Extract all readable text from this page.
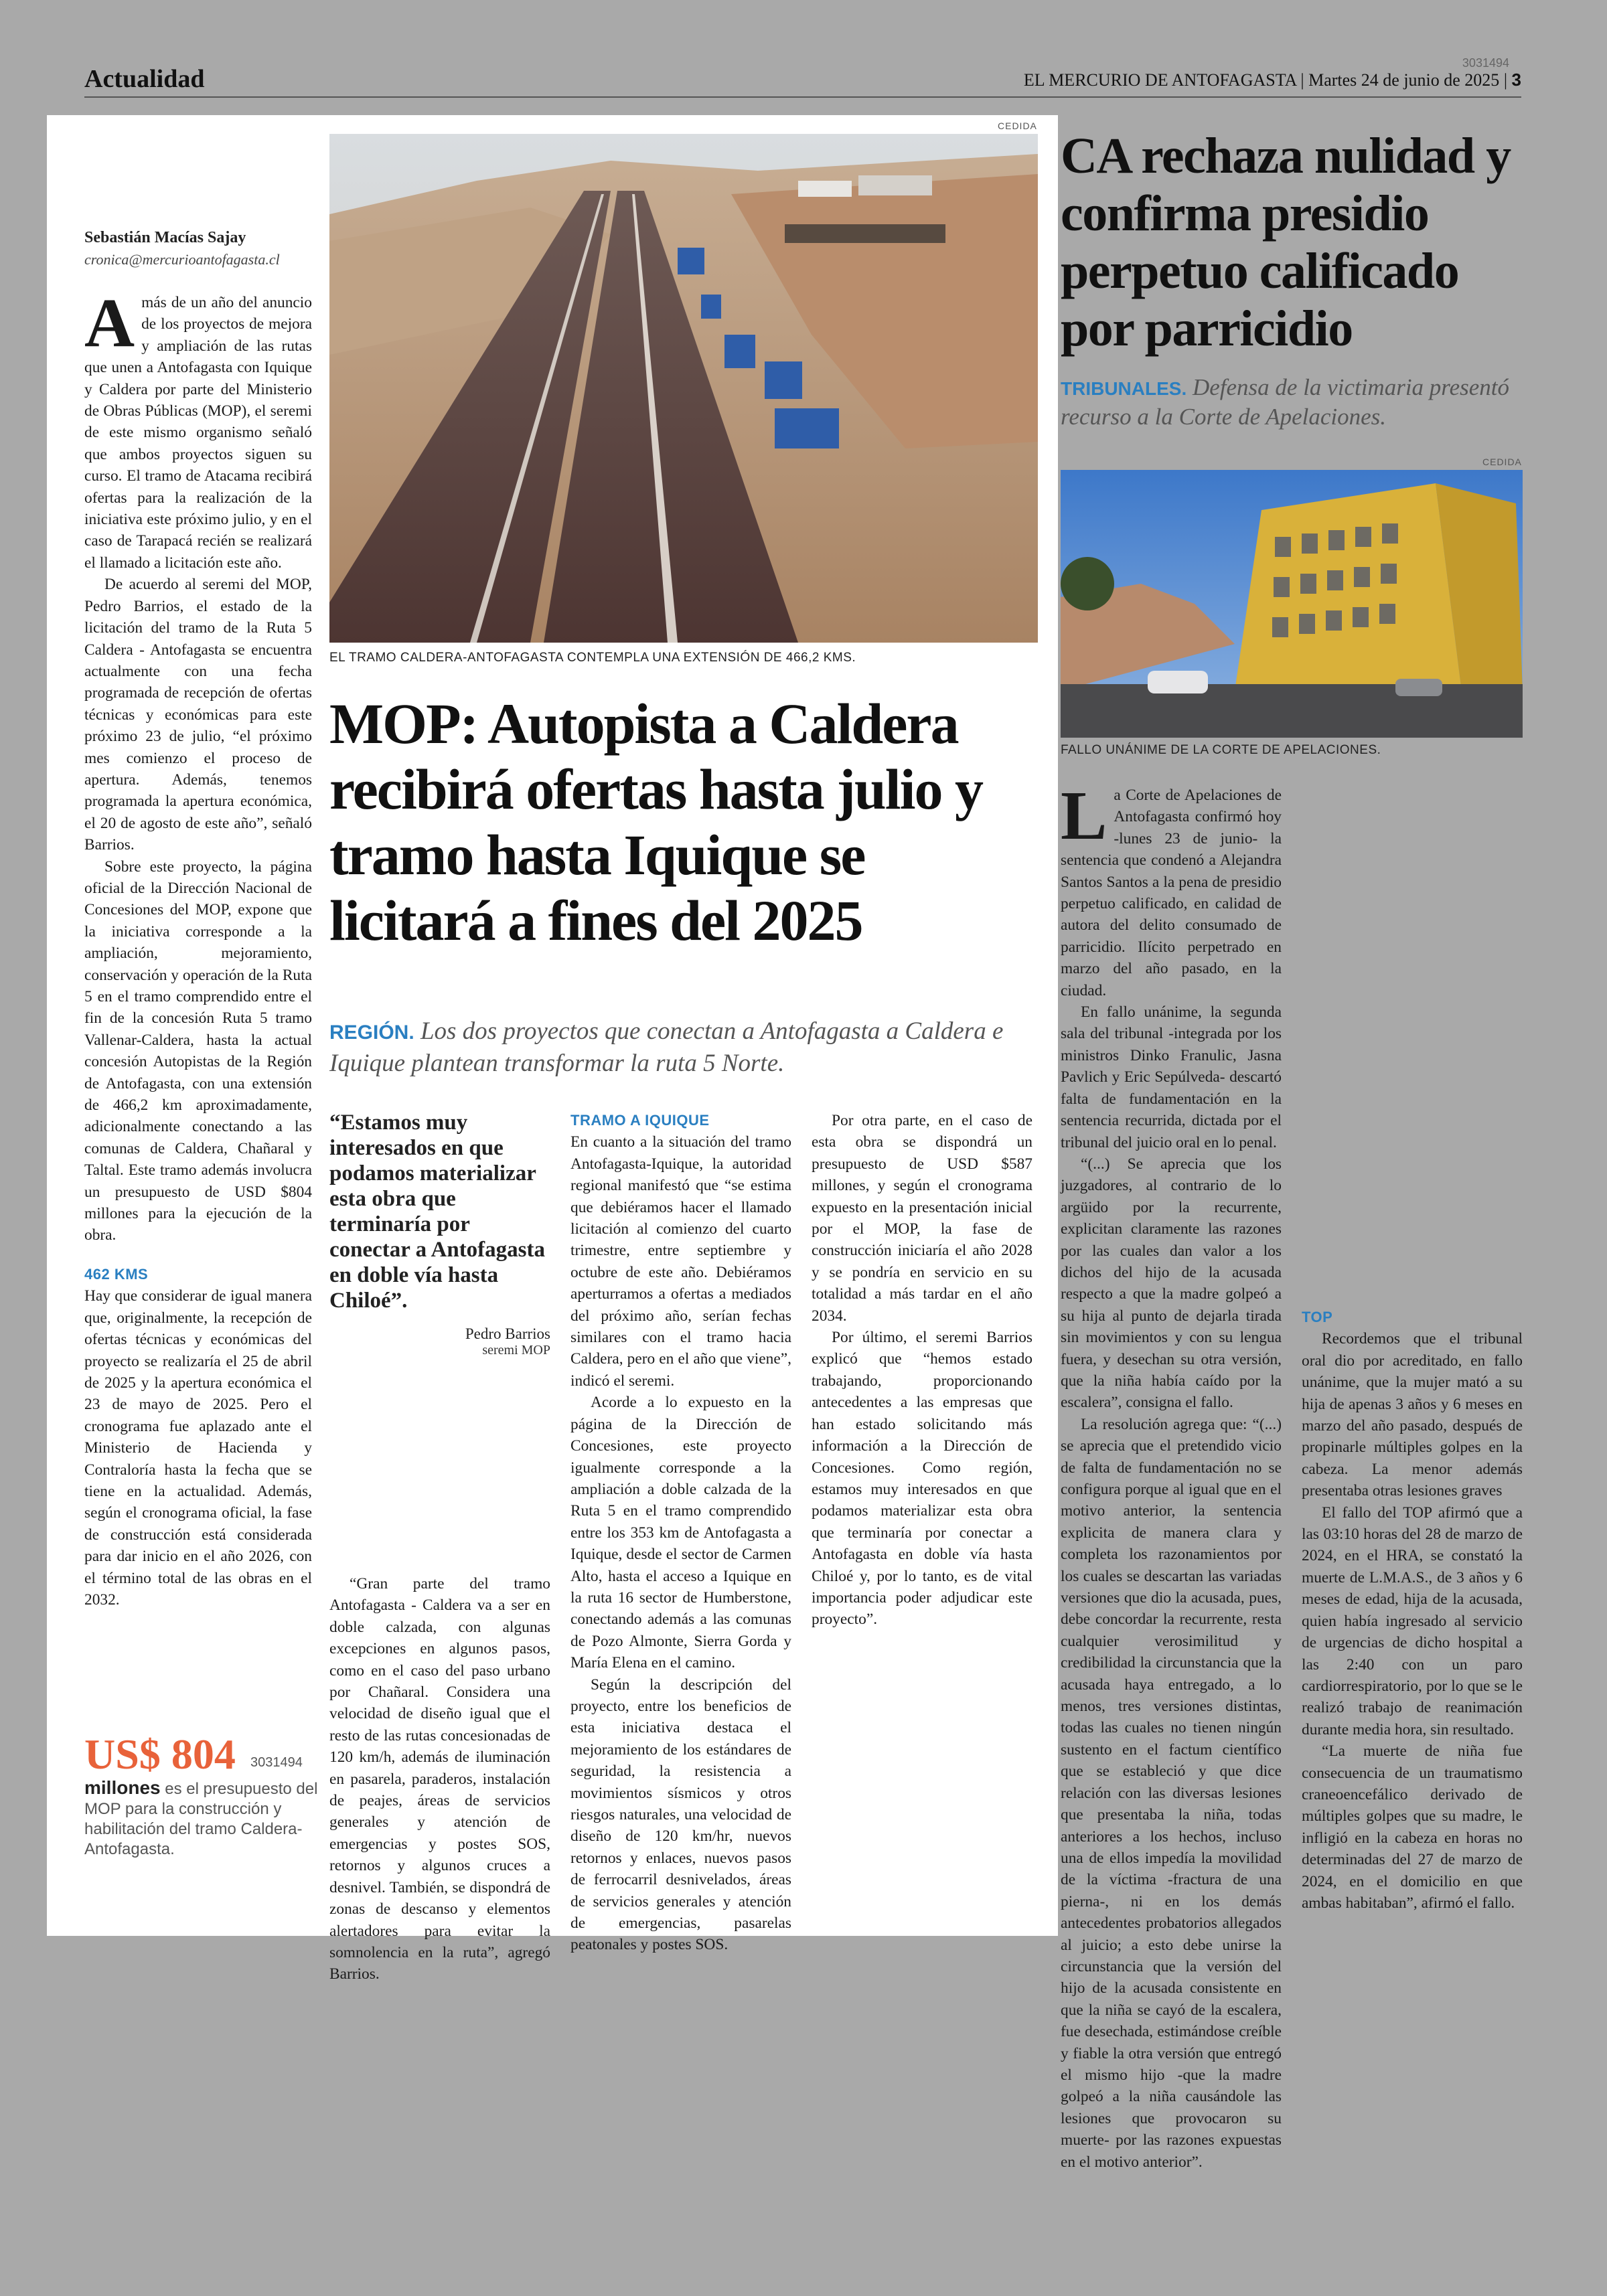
Actualidad
3031494
EL MERCURIO DE ANTOFAGASTA | Martes 24 de junio de 2025 | 3
CEDIDA
EL TRAMO CALDERA-ANTOFAGASTA CONTEMPLA UNA EXTENSIÓN DE 466,2 KMS.
Sebastián Macías Sajay
cronica@mercurioantofagasta.cl

Amás de un año del anuncio de los proyectos de mejora y ampliación de las rutas que unen a Antofagasta con Iquique y Caldera por parte del Ministerio de Obras Públicas (MOP), el seremi de este mismo organismo señaló que ambos proyectos siguen su curso. El tramo de Atacama recibirá ofertas para la realización de la iniciativa este próximo julio, y en el caso de Tarapacá recién se realizará el llamado a licitación este año.

De acuerdo al seremi del MOP, Pedro Barrios, el estado de la licitación del tramo de la Ruta 5 Caldera - Antofagasta se encuentra actualmente con una fecha programada de recepción de ofertas técnicas y económicas para este próximo 23 de julio, “el próximo mes comienzo el proceso de apertura. Además, tenemos programada la apertura económica, el 20 de agosto de este año”, señaló Barrios.

Sobre este proyecto, la página oficial de la Dirección Nacional de Concesiones del MOP, expone que la iniciativa corresponde a la ampliación, mejoramiento, conservación y operación de la Ruta 5 en el tramo comprendido entre el fin de la concesión Ruta 5 tramo Vallenar-Caldera, hasta la actual concesión Autopistas de la Región de Antofagasta, con una extensión de 466,2 km aproximadamente, adicionalmente conectando a las comunas de Caldera, Chañaral y Taltal. Este tramo además involucra un presupuesto de USD $804 millones para la ejecución de la obra.

462 KMS

Hay que considerar de igual manera que, originalmente, la recepción de ofertas técnicas y económicas del proyecto se realizaría el 25 de abril de 2025 y la apertura económica el 23 de mayo de 2025. Pero el cronograma fue aplazado ante el Ministerio de Hacienda y Contraloría hasta la fecha que se tiene en la actualidad. Además, según el cronograma oficial, la fase de construcción está considerada para dar inicio en el año 2026, con el término total de las obras en el 2032.

MOP: Autopista a Caldera recibirá ofertas hasta julio y tramo hasta Iquique se licitará a fines del 2025
REGIÓN. Los dos proyectos que conectan a Antofagasta a Caldera e Iquique plantean transformar la ruta 5 Norte.
“Estamos muy interesados en que podamos materializar esta obra que terminaría por conectar a Antofagasta en doble vía hasta Chiloé”.
Pedro Barrios
seremi MOP

“Gran parte del tramo Antofagasta - Caldera va a ser en doble calzada, con algunas excepciones en algunos pasos, como en el caso del paso urbano por Chañaral. Considera una velocidad de diseño igual que el resto de las rutas concesionadas de 120 km/h, además de iluminación en pasarela, paraderos, instalación de peajes, áreas de servicios generales y atención de emergencias y postes SOS, retornos y algunos cruces a desnivel. También, se dispondrá de zonas de descanso y elementos alertadores para evitar la somnolencia en la ruta”, agregó Barrios.

TRAMO A IQUIQUE

En cuanto a la situación del tramo Antofagasta-Iquique, la autoridad regional manifestó que “se estima que debiéramos hacer el llamado licitación al comienzo del cuarto trimestre, entre septiembre y octubre de este año. Debiéramos aperturramos a ofertas a mediados del próximo año, serían fechas similares con el tramo hacia Caldera, pero en el año que viene”, indicó el seremi.

Acorde a lo expuesto en la página de la Dirección de Concesiones, este proyecto igualmente corresponde a la ampliación a doble calzada de la Ruta 5 en el tramo comprendido entre los 353 km de Antofagasta a Iquique, desde el sector de Carmen Alto, hasta el acceso a Iquique en la ruta 16 sector de Humberstone, conectando además a las comunas de Pozo Almonte, Sierra Gorda y María Elena en el camino.

Según la descripción del proyecto, entre los beneficios de esta iniciativa destaca el mejoramiento de los estándares de seguridad, la resistencia a movimientos sísmicos y otros riesgos naturales, una velocidad de diseño de 120 km/hr, nuevos retornos y enlaces, nuevos pasos de ferrocarril desnivelados, áreas de servicios generales y atención de emergencias, pasarelas peatonales y postes SOS.

Por otra parte, en el caso de esta obra se dispondrá un presupuesto de USD $587 millones, y según el cronograma expuesto en la presentación inicial por el MOP, la fase de construcción iniciaría el año 2028 y se pondría en servicio en su totalidad a más tardar en el año 2034.

Por último, el seremi Barrios explicó que “hemos estado trabajando, proporcionando antecedentes a las empresas que han estado solicitando más información a la Dirección de Concesiones. Como región, estamos muy interesados en que podamos materializar esta obra que terminaría por conectar a Antofagasta en doble vía hasta Chiloé y, por lo tanto, es de vital importancia poder adjudicar este proyecto”.

US$ 804	3031494
millones es el presupuesto del MOP para la construcción y habilitación del tramo Caldera-Antofagasta.
CA rechaza nulidad y confirma presidio perpetuo calificado por parricidio
TRIBUNALES. Defensa de la victimaria presentó recurso a la Corte de Apelaciones.
CEDIDA
FALLO UNÁNIME DE LA CORTE DE APELACIONES.

La Corte de Apelaciones de Antofagasta confirmó hoy -lunes 23 de junio- la sentencia que condenó a Alejandra Santos Santos a la pena de presidio perpetuo calificado, en calidad de autora del delito consumado de parricidio. Ilícito perpetrado en marzo del año pasado, en la ciudad.

En fallo unánime, la segunda sala del tribunal -integrada por los ministros Dinko Franulic, Jasna Pavlich y Eric Sepúlveda- descartó falta de fundamentación en la sentencia recurrida, dictada por el tribunal del juicio oral en lo penal.

“(...) Se aprecia que los juzgadores, al contrario de lo argüido por la recurrente, explicitan claramente las razones por las cuales dan valor a los dichos del hijo de la acusada respecto a que la madre golpeó a su hija al punto de dejarla tirada sin movimientos y con su lengua fuera, y desechan su otra versión, que la niña había caído por la escalera”, consigna el fallo.

La resolución agrega que: “(...) se aprecia que el pretendido vicio de falta de fundamentación no se configura porque al igual que en el motivo anterior, la sentencia explicita de manera clara y completa los razonamientos por los cuales se descartan las variadas versiones que dio la acusada, pues, debe concordar la recurrente, resta cualquier verosimilitud y credibilidad la circunstancia que la acusada haya entregado, a lo menos, tres versiones distintas, todas las cuales no tienen ningún sustento en el factum científico que se estableció y que dice relación con las diversas lesiones que presentaba la niña, todas anteriores a los hechos, incluso una de ellos impedía la movilidad de la víctima -fractura de una pierna-, ni en los demás antecedentes probatorios allegados al juicio; a esto debe unirse la circunstancia que la versión del hijo de la acusada consistente en que la niña se cayó de la escalera, fue desechada, estimándose creíble y fiable la otra versión que entregó el mismo hijo -que la madre golpeó a la niña causándole las lesiones que provocaron su muerte- por las razones expuestas en el motivo anterior”.

TOP

Recordemos que el tribunal oral dio por acreditado, en fallo unánime, que la mujer mató a su hija de apenas 3 años y 6 meses en marzo del año pasado, después de propinarle múltiples golpes en la cabeza. La menor además presentaba otras lesiones graves

El fallo del TOP afirmó que a las 03:10 horas del 28 de marzo de 2024, en el HRA, se constató la muerte de L.M.A.S., de 3 años y 6 meses de edad, hija de la acusada, quien había ingresado al servicio de urgencias de dicho hospital a las 2:40 con un paro cardiorrespiratorio, por lo que se le realizó trabajo de reanimación durante media hora, sin resultado.

“La muerte de niña fue consecuencia de un traumatismo craneoencefálico derivado de múltiples golpes que su madre, le infligió en la cabeza en horas no determinadas del 27 de marzo de 2024, en el domicilio en que ambas habitaban”, afirmó el fallo.
